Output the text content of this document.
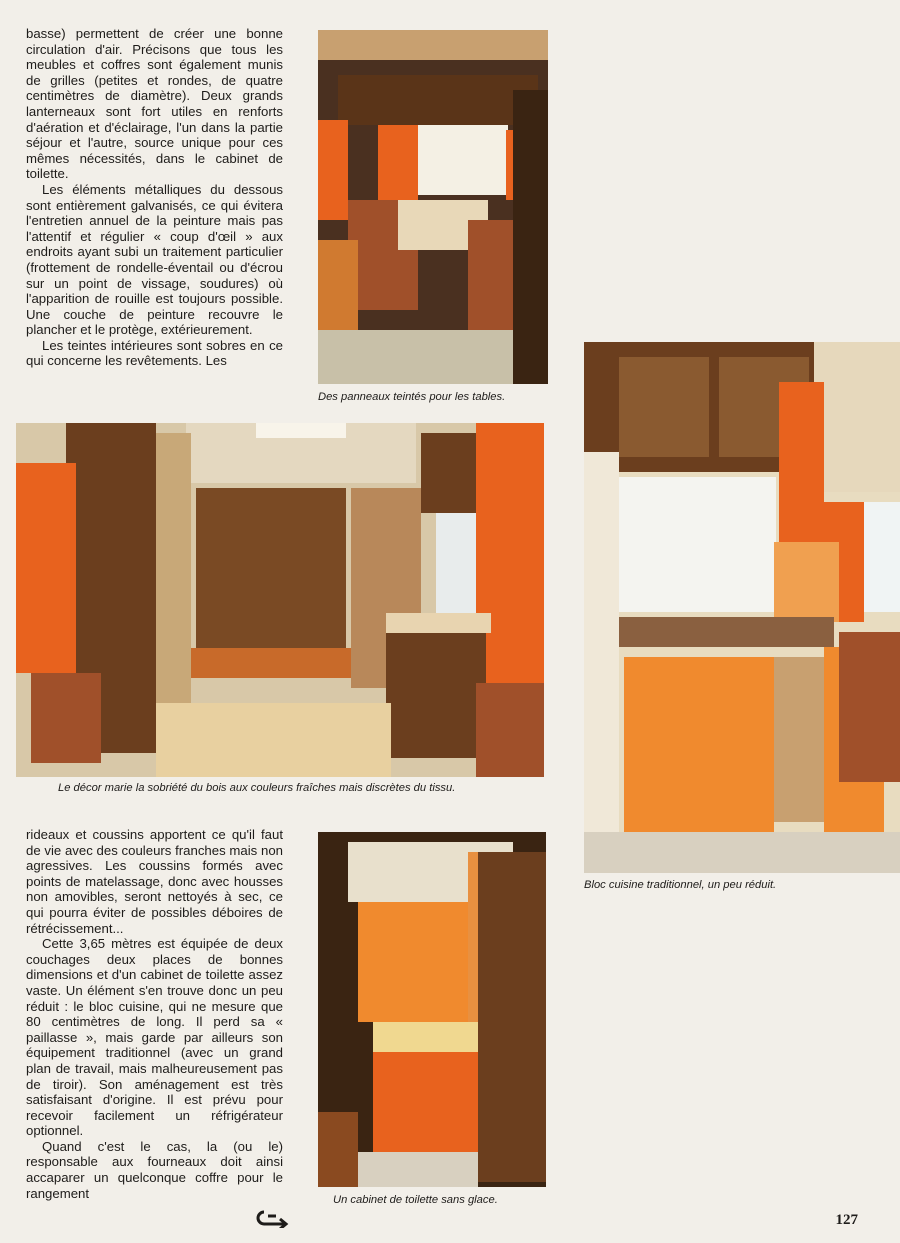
basse) permettent de créer une bonne circulation d'air. Précisons que tous les meubles et coffres sont également munis de grilles (petites et rondes, de quatre centimètres de diamètre). Deux grands lanterneaux sont fort utiles en renforts d'aération et d'éclairage, l'un dans la partie séjour et l'autre, source unique pour ces mêmes nécessités, dans le cabinet de toilette.

Les éléments métalliques du dessous sont entièrement galvanisés, ce qui évitera l'entretien annuel de la peinture mais pas l'attentif et régulier « coup d'œil » aux endroits ayant subi un traitement particulier (frottement de rondelle-éventail ou d'écrou sur un point de vissage, soudures) où l'apparition de rouille est toujours possible. Une couche de peinture recouvre le plancher et le protège, extérieurement.

Les teintes intérieures sont sobres en ce qui concerne les revêtements. Les

Des panneaux teintés pour les tables.
Le décor marie la sobriété du bois aux couleurs fraîches mais discrètes du tissu.
Bloc cuisine traditionnel, un peu réduit.

rideaux et coussins apportent ce qu'il faut de vie avec des couleurs franches mais non agressives. Les coussins formés avec points de matelassage, donc avec housses non amovibles, seront nettoyés à sec, ce qui pourra éviter de possibles déboires de rétrécissement...

Cette 3,65 mètres est équipée de deux couchages deux places de bonnes dimensions et d'un cabinet de toilette assez vaste. Un élément s'en trouve donc un peu réduit : le bloc cuisine, qui ne mesure que 80 centimètres de long. Il perd sa « paillasse », mais garde par ailleurs son équipement traditionnel (avec un grand plan de travail, mais malheureusement pas de tiroir). Son aménagement est très satisfaisant d'origine. Il est prévu pour recevoir facilement un réfrigérateur optionnel.

Quand c'est le cas, la (ou le) responsable aux fourneaux doit ainsi accaparer un quelconque coffre pour le rangement	Un cabinet de toilette sans glace.
127
